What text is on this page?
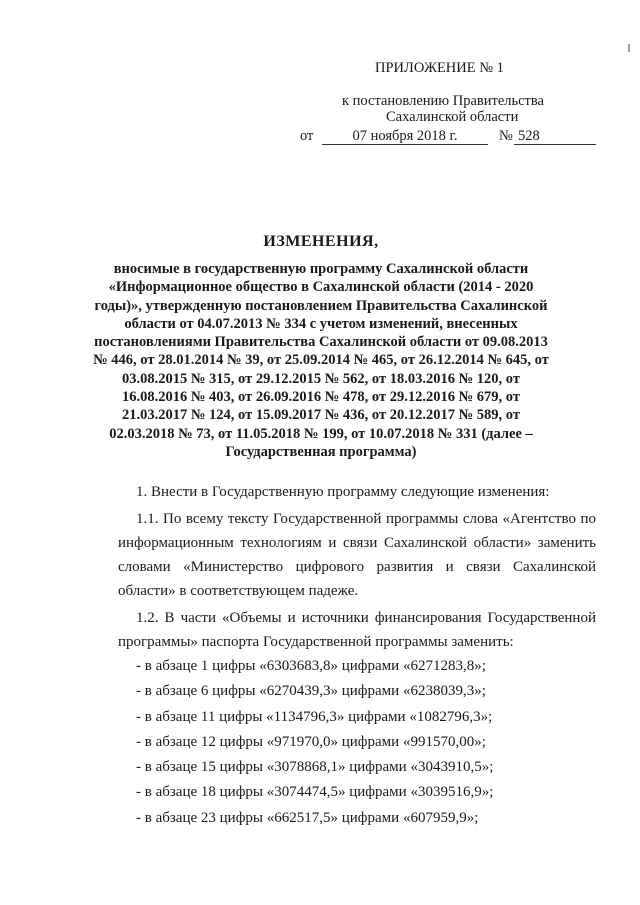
ПРИЛОЖЕНИЕ № 1
к постановлению Правительства
Сахалинской области
от	07 ноября 2018 г.	№ 528
ИЗМЕНЕНИЯ,
вносимые в государственную программу Сахалинской области «Информационное общество в Сахалинской области (2014 - 2020 годы)», утвержденную постановлением Правительства Сахалинской области от 04.07.2013 № 334 с учетом изменений, внесенных постановлениями Правительства Сахалинской области от 09.08.2013 № 446, от 28.01.2014 № 39, от 25.09.2014 № 465, от 26.12.2014 № 645, от 03.08.2015 № 315, от 29.12.2015 № 562, от 18.03.2016 № 120, от 16.08.2016 № 403, от 26.09.2016 № 478, от 29.12.2016 № 679, от 21.03.2017 № 124, от 15.09.2017 № 436, от 20.12.2017 № 589, от 02.03.2018 № 73, от 11.05.2018 № 199, от 10.07.2018 № 331 (далее – Государственная программа)

1. Внести в Государственную программу следующие изменения:

1.1. По всему тексту Государственной программы слова «Агентство по информационным технологиям и связи Сахалинской области» заменить словами «Министерство цифрового развития и связи Сахалинской области» в соответствующем падеже.

1.2. В части «Объемы и источники финансирования Государственной программы» паспорта Государственной программы заменить:

- в абзаце 1 цифры «6303683,8» цифрами «6271283,8»;

- в абзаце 6 цифры «6270439,3» цифрами «6238039,3»;

- в абзаце 11 цифры «1134796,3» цифрами «1082796,3»;

- в абзаце 12 цифры «971970,0» цифрами «991570,00»;

- в абзаце 15 цифры «3078868,1» цифрами «3043910,5»;

- в абзаце 18 цифры «3074474,5» цифрами «3039516,9»;

- в абзаце 23 цифры «662517,5» цифрами «607959,9»;
